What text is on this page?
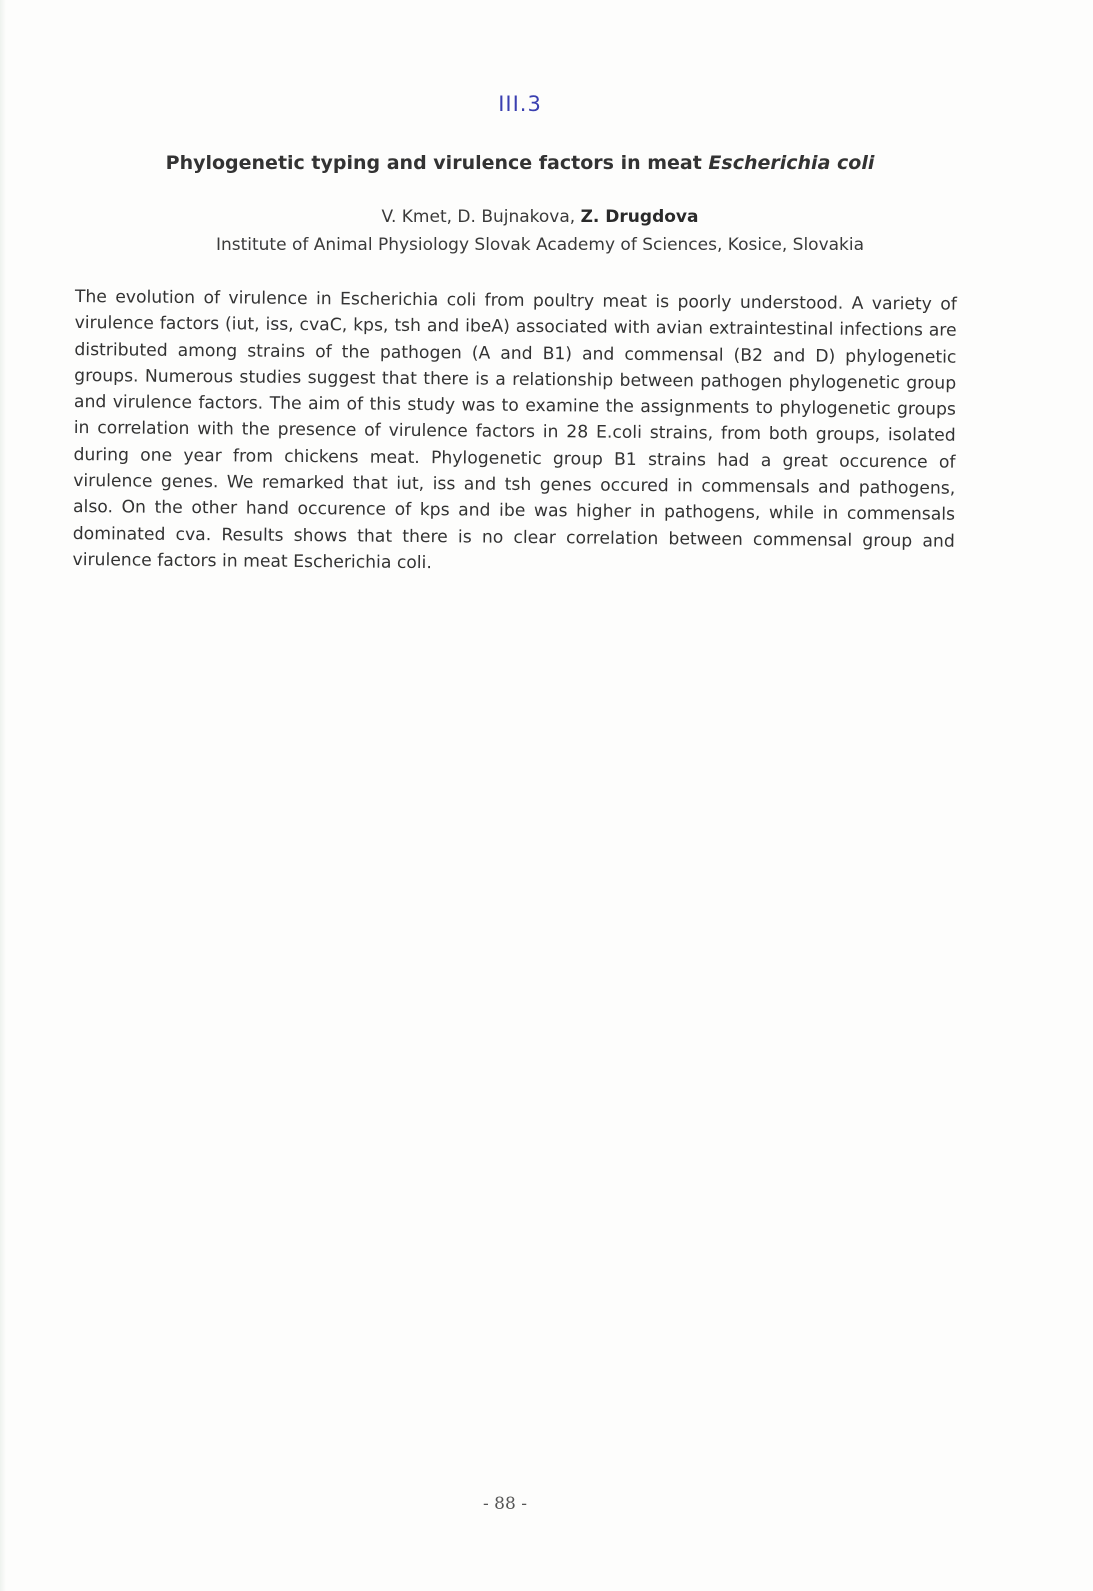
III.3
Phylogenetic typing and virulence factors in meat Escherichia coli
V. Kmet, D. Bujnakova, Z. Drugdova
Institute of Animal Physiology Slovak Academy of Sciences, Kosice, Slovakia
The evolution of virulence in Escherichia coli from poultry meat is poorly understood. A variety of virulence factors (iut, iss, cvaC, kps, tsh and ibeA) associated with avian extraintestinal infections are distributed among strains of the pathogen (A and B1) and commensal (B2 and D) phylogenetic groups. Numerous studies suggest that there is a relationship between pathogen phylogenetic group and virulence factors. The aim of this study was to examine the assignments to phylogenetic groups in correlation with the presence of virulence factors in 28 E.coli strains, from both groups, isolated during one year from chickens meat. Phylogenetic group B1 strains had a great occurence of virulence genes. We remarked that iut, iss and tsh genes occured in commensals and pathogens, also. On the other hand occurence of kps and ibe was higher in pathogens, while in commensals dominated cva. Results shows that there is no clear correlation between commensal group and virulence factors in meat Escherichia coli.
- 88 -
